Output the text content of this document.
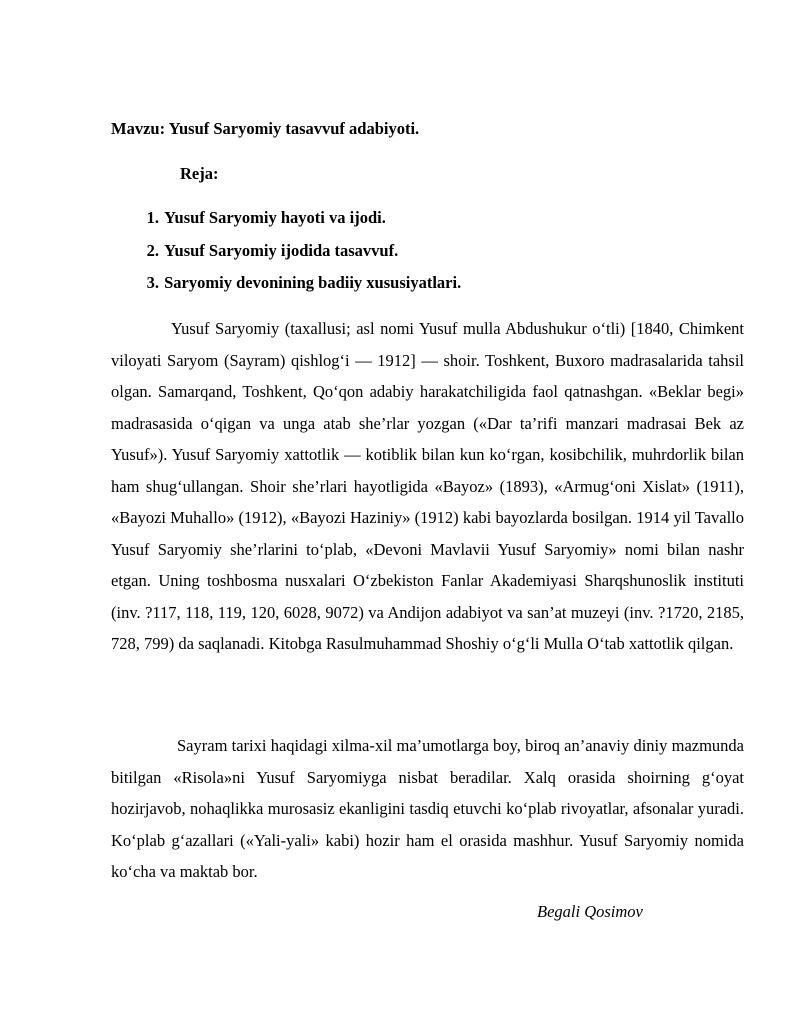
Mavzu: Yusuf Saryomiy tasavvuf adabiyoti.

Reja:

1. Yusuf Saryomiy hayoti va ijodi.
2. Yusuf Saryomiy ijodida tasavvuf.
3. Saryomiy devonining badiiy xususiyatlari.

Yusuf Saryomiy (taxallusi; asl nomi Yusuf mulla Abdushukur o‘tli) [1840, Chimkent viloyati Saryom (Sayram) qishlog‘i — 1912] — shoir. Toshkent, Buxoro madrasalarida tahsil olgan. Samarqand, Toshkent, Qo‘qon adabiy harakatchiligida faol qatnashgan. «Beklar begi» madrasasida o‘qigan va unga atab she’rlar yozgan («Dar ta’rifi manzari madrasai Bek az Yusuf»). Yusuf Saryomiy xattotlik — kotiblik bilan kun ko‘rgan, kosibchilik, muhrdorlik bilan ham shug‘ullangan. Shoir she’rlari hayotligida «Bayoz» (1893), «Armug‘oni Xislat» (1911), «Bayozi Muhallo» (1912), «Bayozi Haziniy» (1912) kabi bayozlarda bosilgan. 1914 yil Tavallo Yusuf Saryomiy she’rlarini to‘plab, «Devoni Mavlavii Yusuf Saryomiy» nomi bilan nashr etgan. Uning toshbosma nusxalari O‘zbekiston Fanlar Akademiyasi Sharqshunoslik instituti (inv. ?117, 118, 119, 120, 6028, 9072) va Andijon adabiyot va san’at muzeyi (inv. ?1720, 2185, 728, 799) da saqlanadi. Kitobga Rasulmuhammad Shoshiy o‘g‘li Mulla O‘tab xattotlik qilgan.

Sayram tarixi haqidagi xilma-xil ma’umotlarga boy, biroq an’anaviy diniy mazmunda bitilgan «Risola»ni Yusuf Saryomiyga nisbat beradilar. Xalq orasida shoirning g‘oyat hozirjavob, nohaqlikka murosasiz ekanligini tasdiq etuvchi ko‘plab rivoyatlar, afsonalar yuradi. Ko‘plab g‘azallari («Yali-yali» kabi) hozir ham el orasida mashhur. Yusuf Saryomiy nomida ko‘cha va maktab bor.

Begali Qosimov
